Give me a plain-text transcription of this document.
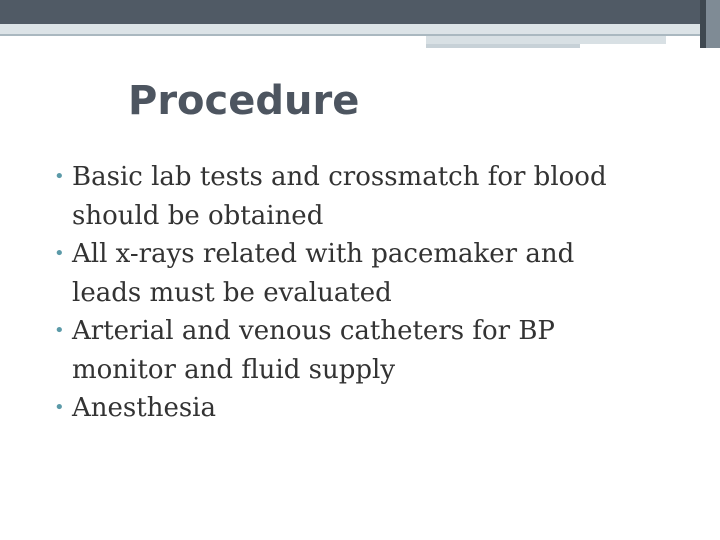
Procedure
• Basic lab tests and crossmatch for blood should be obtained
• All x-rays related with pacemaker and leads must be evaluated
• Arterial and venous catheters for BP monitor and fluid supply
• Anesthesia
